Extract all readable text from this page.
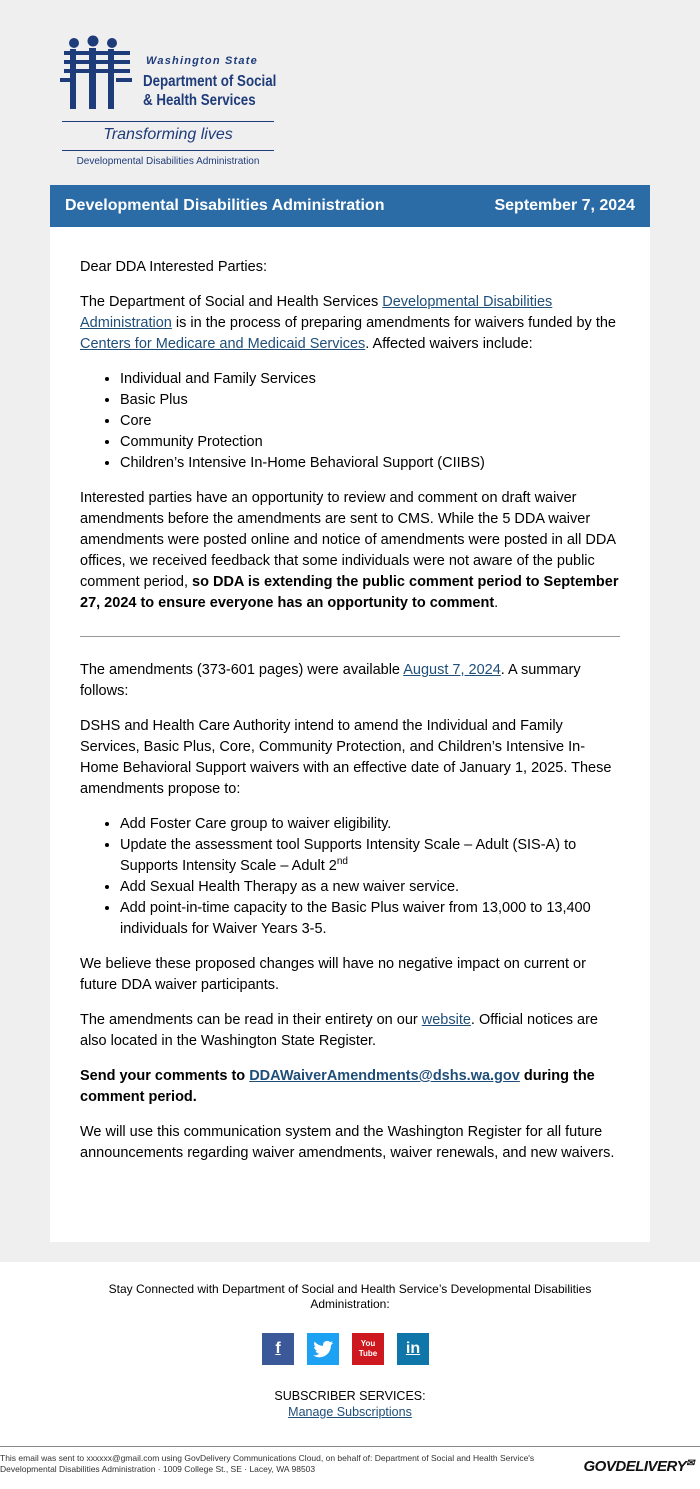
Washington State
Department of Social
& Health Services
Transforming lives
Developmental Disabilities Administration
Developmental Disabilities Administration	September 7, 2024

Dear DDA Interested Parties:

The Department of Social and Health Services Developmental Disabilities Administration is in the process of preparing amendments for waivers funded by the Centers for Medicare and Medicaid Services. Affected waivers include:

• Individual and Family Services
• Basic Plus
• Core
• Community Protection
• Children’s Intensive In-Home Behavioral Support (CIIBS)

Interested parties have an opportunity to review and comment on draft waiver amendments before the amendments are sent to CMS. While the 5 DDA waiver amendments were posted online and notice of amendments were posted in all DDA offices, we received feedback that some individuals were not aware of the public comment period, so DDA is extending the public comment period to September 27, 2024 to ensure everyone has an opportunity to comment.

The amendments (373-601 pages) were available August 7, 2024. A summary follows:

DSHS and Health Care Authority intend to amend the Individual and Family Services, Basic Plus, Core, Community Protection, and Children’s Intensive In-Home Behavioral Support waivers with an effective date of January 1, 2025. These amendments propose to:

• Add Foster Care group to waiver eligibility.
• Update the assessment tool Supports Intensity Scale – Adult (SIS-A) to Supports Intensity Scale – Adult 2nd
• Add Sexual Health Therapy as a new waiver service.
• Add point-in-time capacity to the Basic Plus waiver from 13,000 to 13,400 individuals for Waiver Years 3-5.

We believe these proposed changes will have no negative impact on current or future DDA waiver participants.

The amendments can be read in their entirety on our website. Official notices are also located in the Washington State Register.

Send your comments to DDAWaiverAmendments@dshs.wa.gov during the comment period.

We will use this communication system and the Washington Register for all future announcements regarding waiver amendments, waiver renewals, and new waivers.

Stay Connected with Department of Social and Health Service’s Developmental Disabilities Administration:
f	You Tube	in
SUBSCRIBER SERVICES:
Manage Subscriptions
This email was sent to xxxxxx@gmail.com using GovDelivery Communications Cloud, on behalf of: Department of Social and Health Service's Developmental Disabilities Administration · 1009 College St., SE · Lacey, WA 98503	GOVDELIVERY✉
